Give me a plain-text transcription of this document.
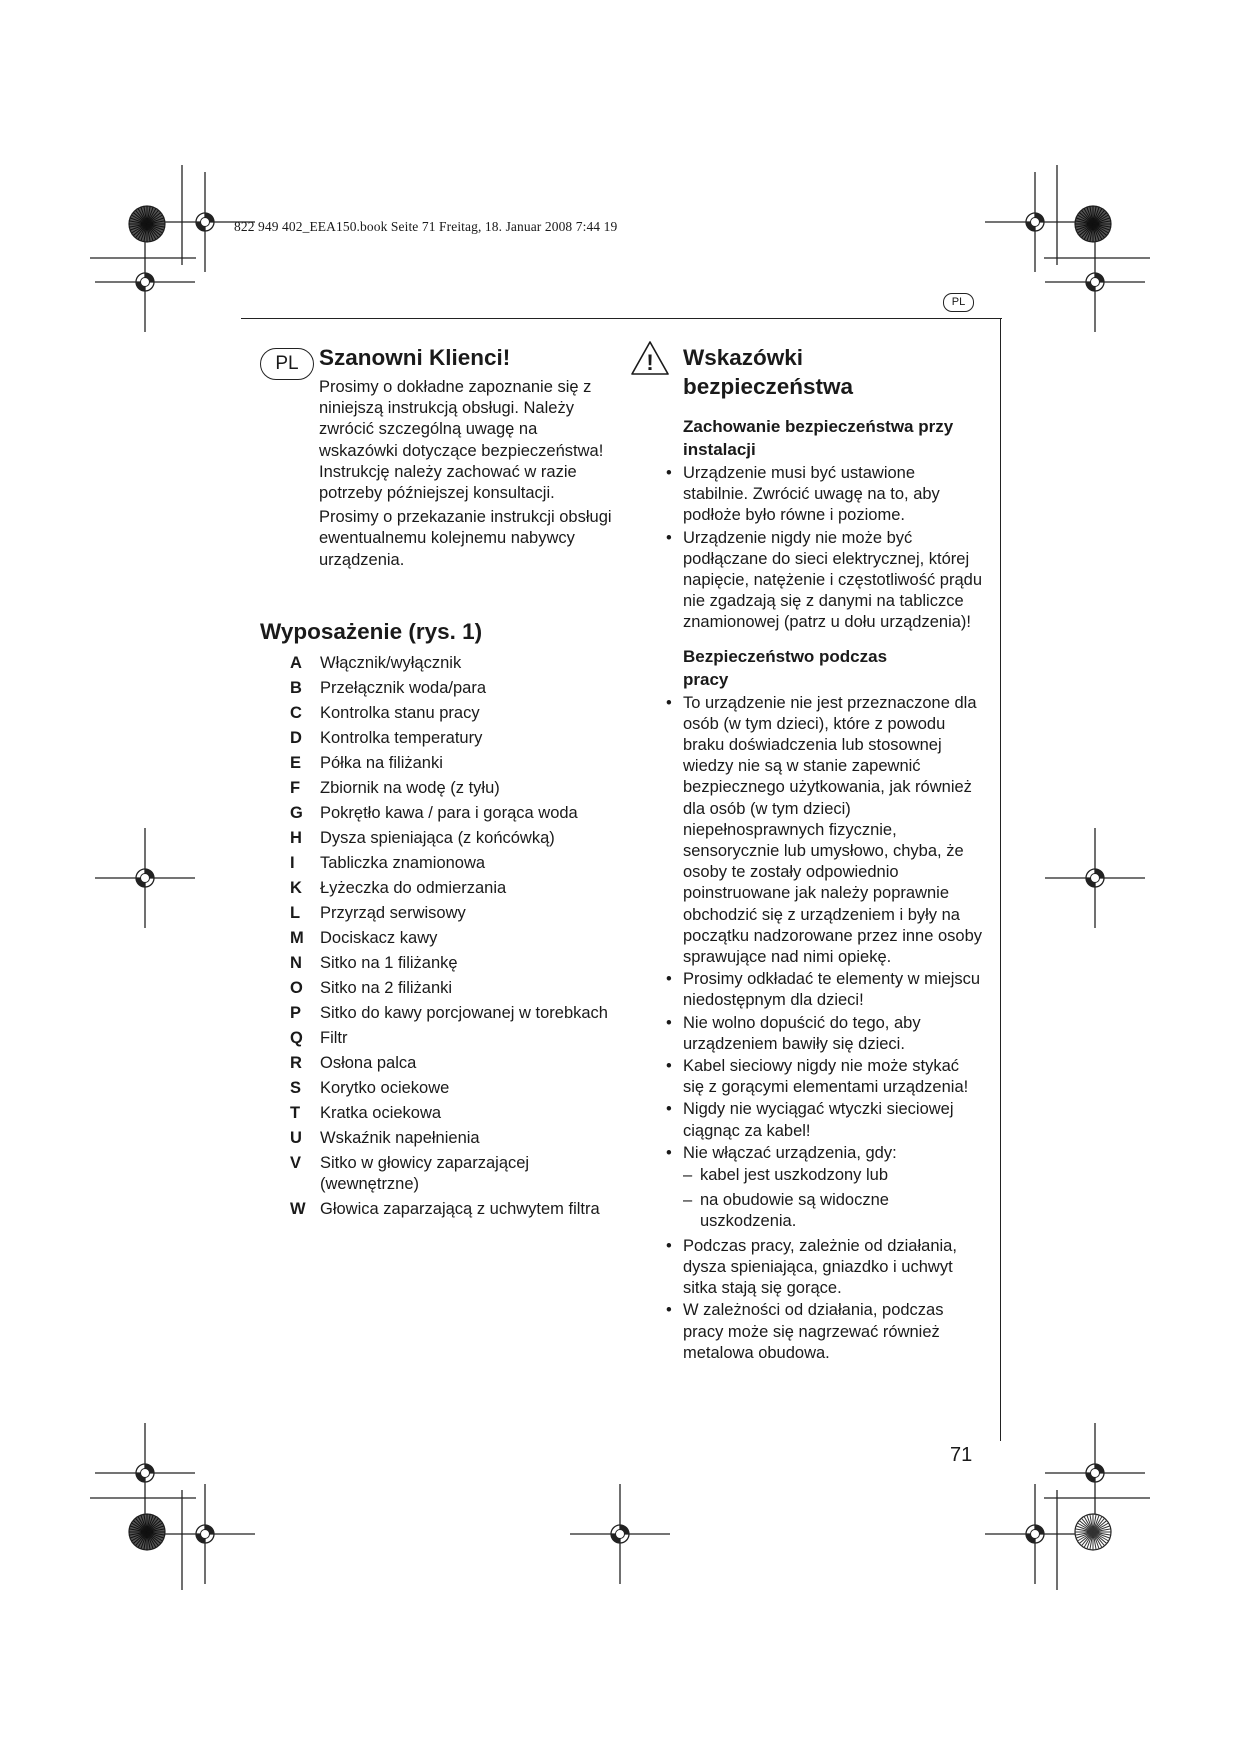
822 949 402_EEA150.book Seite 71 Freitag, 18. Januar 2008 7:44 19
PL
PL Szanowni Klienci!

Prosimy o dokładne zapoznanie się z niniejszą instrukcją obsługi. Należy zwrócić szczególną uwagę na wskazówki dotyczące bezpieczeństwa! Instrukcję należy zachować w razie potrzeby późniejszej konsultacji.

Prosimy o przekazanie instrukcji obsługi ewentualnemu kolejnemu nabywcy urządzenia.

Wyposażenie (rys. 1)
A	Włącznik/wyłącznik
B	Przełącznik woda/para
C	Kontrolka stanu pracy
D	Kontrolka temperatury
E	Półka na filiżanki
F	Zbiornik na wodę (z tyłu)
G	Pokrętło kawa / para i gorąca woda
H	Dysza spieniająca (z końcówką)
I	Tabliczka znamionowa
K	Łyżeczka do odmierzania
L	Przyrząd serwisowy
M Dociskacz kawy
N	Sitko na 1 filiżankę
O	Sitko na 2 filiżanki
P	Sitko do kawy porcjowanej w torebkach
Q	Filtr
R	Osłona palca
S	Korytko ociekowe
T	Kratka ociekowa
U	Wskaźnik napełnienia
V	Sitko w głowicy zaparzającej (wewnętrzne)
W Głowica zaparzającą z uchwytem filtra
! Wskazówki bezpieczeństwa
Zachowanie bezpieczeństwa przy instalacji
• Urządzenie musi być ustawione stabilnie. Zwrócić uwagę na to, aby podłoże było równe i poziome.
• Urządzenie nigdy nie może być podłączane do sieci elektrycznej, której napięcie, natężenie i częstotliwość prądu nie zgadzają się z danymi na tabliczce znamionowej (patrz u dołu urządzenia)!
Bezpieczeństwo podczas pracy
• To urządzenie nie jest przeznaczone dla osób (w tym dzieci), które z powodu braku doświadczenia lub stosownej wiedzy nie są w stanie zapewnić bezpiecznego użytkowania, jak również dla osób (w tym dzieci) niepełnosprawnych fizycznie, sensorycznie lub umysłowo, chyba, że osoby te zostały odpowiednio poinstruowane jak należy poprawnie obchodzić się z urządzeniem i były na początku nadzorowane przez inne osoby sprawujące nad nimi opiekę.
• Prosimy odkładać te elementy w miejscu niedostępnym dla dzieci!
• Nie wolno dopuścić do tego, aby urządzeniem bawiły się dzieci.
• Kabel sieciowy nigdy nie może stykać się z gorącymi elementami urządzenia!
• Nigdy nie wyciągać wtyczki sieciowej ciągnąc za kabel!
• Nie włączać urządzenia, gdy:
– kabel jest uszkodzony lub
– na obudowie są widoczne uszkodzenia.
• Podczas pracy, zależnie od działania, dysza spieniająca, gniazdko i uchwyt sitka stają się gorące.
• W zależności od działania, podczas pracy może się nagrzewać również metalowa obudowa.
71
